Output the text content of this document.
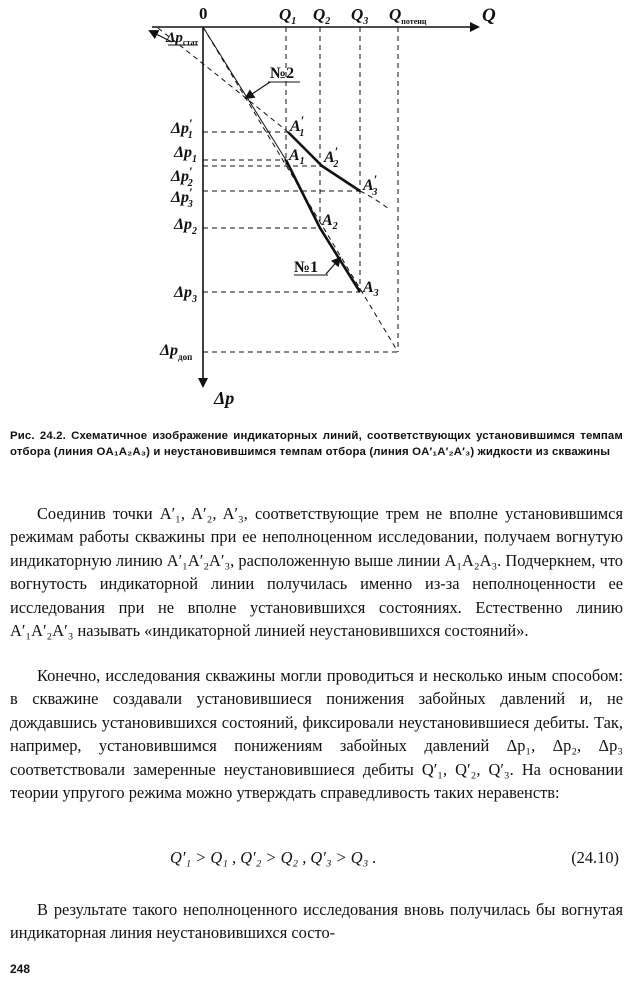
0	Q
Δp
$Q_1$ $Q_2$ $Q_3$ $Q_{потенц}$
$\Delta p_{стат}$
Δp′ 1
$\Delta p_1$
Δp′ 2
Δp′ 3
$\Delta p_2$
$\Delta p_3$
$\Delta p_{доп}$
A′ 1
$A_1$ A′ 2
A′ 3
$A_2$
$A_3$
№2
№1
Рис. 24.2. Схематичное изображение индикаторных линий, соответствующих установившимся темпам отбора (линия OA₁A₂A₃) и неустановившимся темпам отбора (линия OA′₁A′₂A′₃) жидкости из скважины

Соединив точки A′₁, A′₂, A′₃, соответствующие трем не вполне установившимся режимам работы скважины при ее неполноценном исследовании, получаем вогнутую индикаторную линию A′₁A′₂A′₃, расположенную выше линии A₁A₂A₃. Подчеркнем, что вогнутость индикаторной линии получилась именно из-за неполноценности ее исследования при не вполне установившихся состояниях. Естественно линию A′₁A′₂A′₃ называть «индикаторной линией неустановившихся состояний».

Конечно, исследования скважины могли проводиться и несколько иным способом: в скважине создавали установившиеся понижения забойных давлений и, не дождавшись установившихся состояний, фиксировали неустановившиеся дебиты. Так, например, установившимся понижениям забойных давлений Δp₁, Δp₂, Δp₃ соответствовали замеренные неустановившиеся дебиты Q′₁, Q′₂, Q′₃. На основании теории упругого режима можно утверждать справедливость таких неравенств:

Q′₁ > Q₁ , Q′₂ > Q₂ , Q′₃ > Q₃ .	(24.10)

В результате такого неполноценного исследования вновь получилась бы вогнутая индикаторная линия неустановившихся состо-

248
